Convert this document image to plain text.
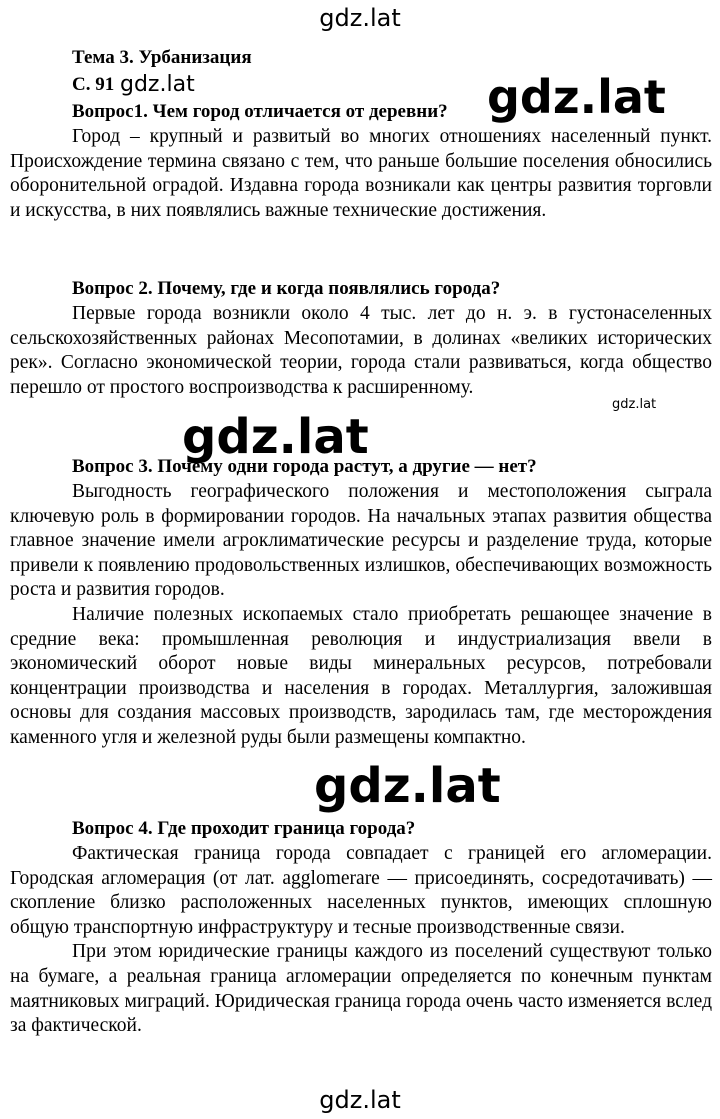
Тема 3. Урбанизация
С. 91
Вопрос1. Чем город отличается от деревни?

Город – крупный и развитый во многих отношениях населенный пункт. Происхождение термина связано с тем, что раньше большие поселения обносились оборонительной оградой. Издавна города возникали как центры развития торговли и искусства, в них появлялись важные технические достижения.

Вопрос 2. Почему, где и когда появлялись города?

Первые города возникли около 4 тыс. лет до н. э. в густонаселенных сельскохозяйственных районах Месопотамии, в долинах «великих исторических рек». Согласно экономической теории, города стали развиваться, когда общество перешло от простого воспроизводства к расширенному.

Вопрос 3. Почему одни города растут, а другие — нет?

Выгодность географического положения и местоположения сыграла ключевую роль в формировании городов. На начальных этапах развития общества главное значение имели агроклиматические ресурсы и разделение труда, которые привели к появлению продовольственных излишков, обеспечивающих возможность роста и развития городов.

Наличие полезных ископаемых стало приобретать решающее значение в средние века: промышленная революция и индустриализация ввели в экономический оборот новые виды минеральных ресурсов, потребовали концентрации производства и населения в городах. Металлургия, заложившая основы для создания массовых производств, зародилась там, где месторождения каменного угля и железной руды были размещены компактно.

Вопрос 4. Где проходит граница города?

Фактическая граница города совпадает с границей его агломерации. Городская агломерация (от лат. agglomerare — присоединять, сосредотачивать) — скопление близко расположенных населенных пунктов, имеющих сплошную общую транспортную инфраструктуру и тесные производственные связи.

При этом юридические границы каждого из поселений существуют только на бумаге, а реальная граница агломерации определяется по конечным пунктам маятниковых миграций. Юридическая граница города очень часто изменяется вслед за фактической.

gdz.lat
gdz.lat	gdz.lat
gdz.lat
gdz.lat
gdz.lat
gdz.lat
